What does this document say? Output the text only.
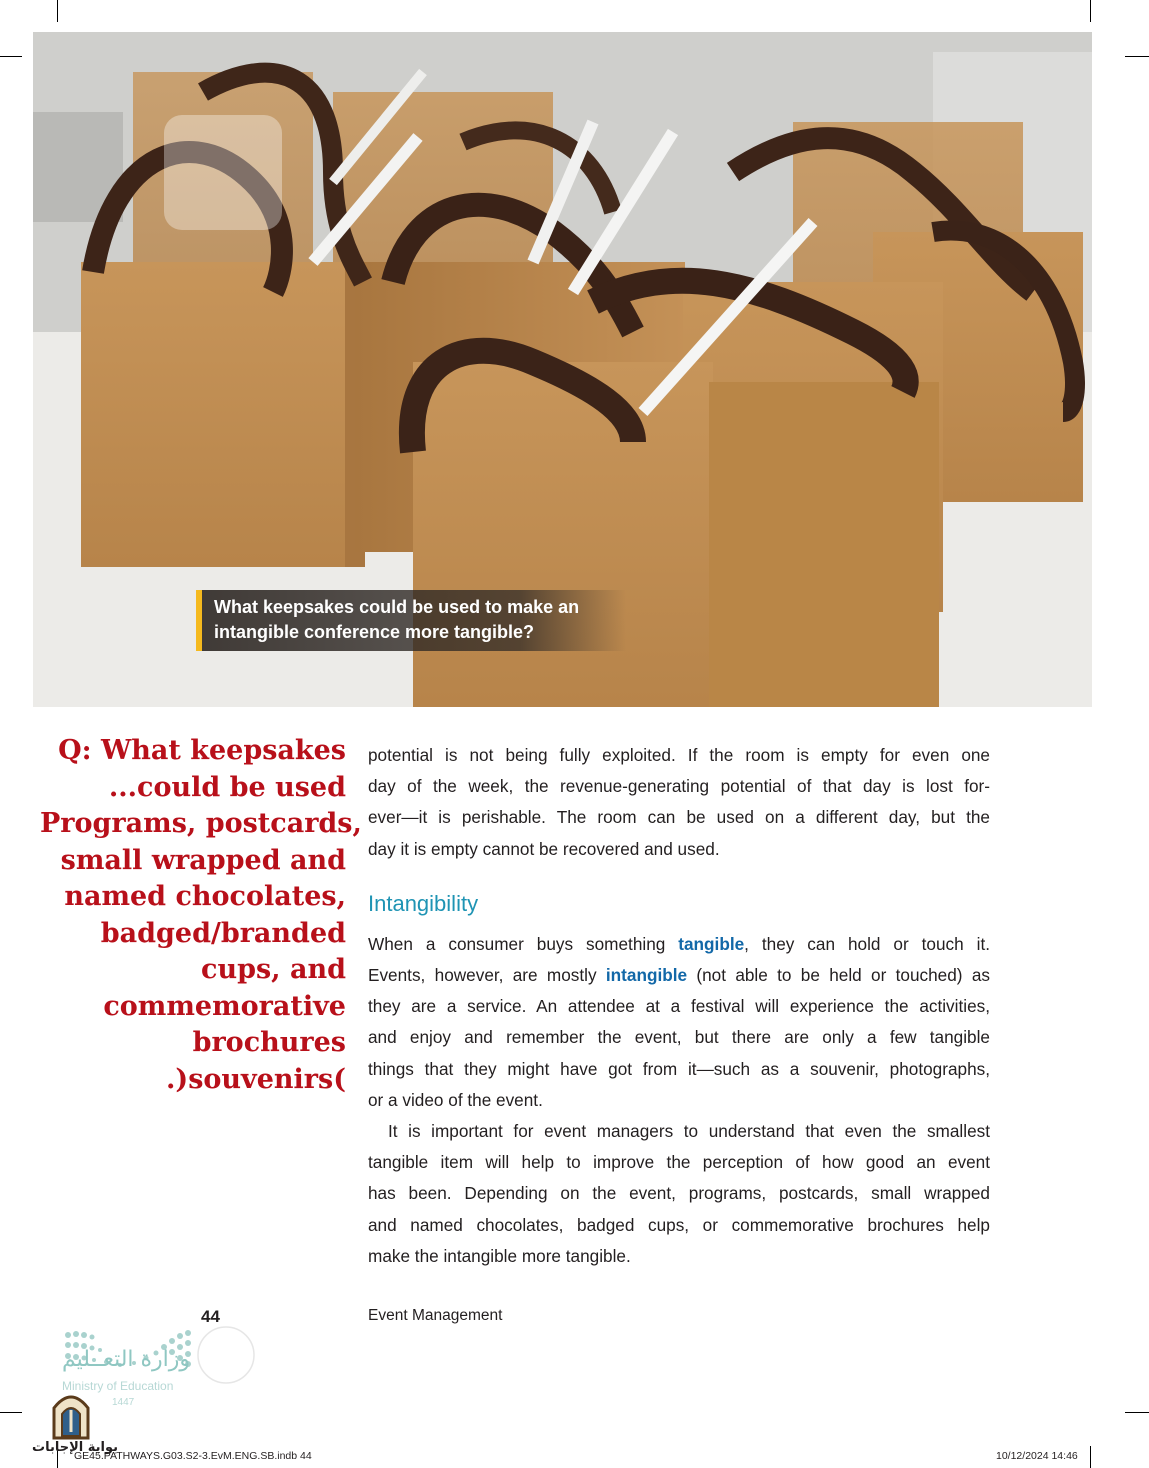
What keepsakes could be used to make an
intangible conference more tangible?
Q: What keepsakes
...could be used
Programs, postcards,
small wrapped and
named chocolates,
badged/branded
cups, and
commemorative
brochures
.)souvenirs(
potential is not being fully exploited. If the room is empty for even one
day of the week, the revenue-generating potential of that day is lost for-
ever—it is perishable. The room can be used on a different day, but the
day it is empty cannot be recovered and used.
Intangibility
When a consumer buys something tangible, they can hold or touch it.
Events, however, are mostly intangible (not able to be held or touched) as
they are a service. An attendee at a festival will experience the activities,
and enjoy and remember the event, but there are only a few tangible
things that they might have got from it—such as a souvenir, photographs,
or a video of the event.
It is important for event managers to understand that even the smallest
tangible item will help to improve the perception of how good an event
has been. Depending on the event, programs, postcards, small wrapped
and named chocolates, badged cups, or commemorative brochures help
make the intangible more tangible.
44	Event Management
وزارة التعــليم
Ministry of Education
1447
بوابة الإجابات
GE45.PATHWAYS.G03.S2-3.EvM.ENG.SB.indb 44	10/12/2024 14:46
